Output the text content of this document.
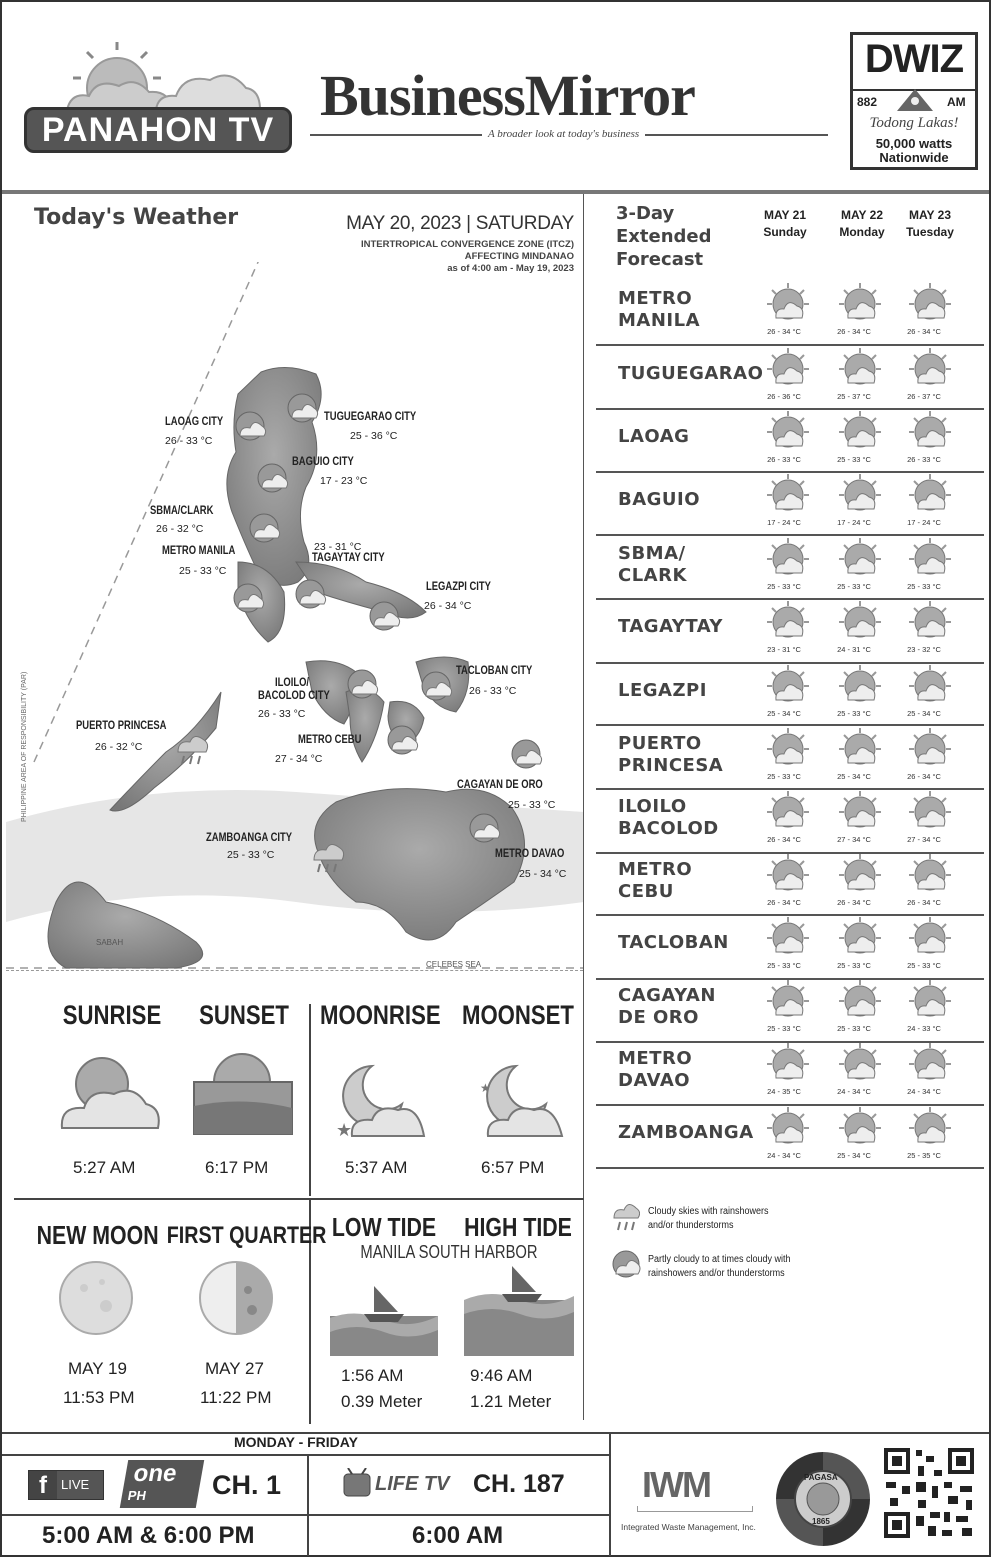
PANAHON TV
BusinessMirror
A broader look at today's business
DWIZ
882	AM
Todong Lakas!
50,000 watts
Nationwide
Today's Weather	MAY 20, 2023 | SATURDAY
INTERTROPICAL CONVERGENCE ZONE (ITCZ)
AFFECTING MINDANAO
as of 4:00 am - May 19, 2023
PHILIPPINE AREA OF RESPONSIBILITY (PAR)
SABAH
CELEBES SEA
LAOAG CITY
26 - 33 °C
TUGUEGARAO CITY
25 - 36 °C
BAGUIO CITY
17 - 23 °C
SBMA/CLARK
26 - 32 °C
METRO MANILA
25 - 33 °C
23 - 31 °C
TAGAYTAY CITY
LEGAZPI CITY
26 - 34 °C
TACLOBAN CITY
26 - 33 °C
ILOILO/
BACOLOD CITY
26 - 33 °C
PUERTO PRINCESA
26 - 32 °C
METRO CEBU
27 - 34 °C
CAGAYAN DE ORO
25 - 33 °C
ZAMBOANGA CITY
25 - 33 °C	METRO DAVAO
25 - 34 °C
3-Day
Extended
Forecast
MAY 21
Sunday
MAY 22
Monday
MAY 23
Tuesday
METRO
MANILA
26 - 34 °C	26 - 34 °C	26 - 34 °C
TUGUEGARAO
26 - 36 °C	25 - 37 °C	26 - 37 °C
LAOAG
26 - 33 °C	25 - 33 °C	26 - 33 °C
BAGUIO
17 - 24 °C	17 - 24 °C	17 - 24 °C
SBMA/
CLARK
25 - 33 °C	25 - 33 °C	25 - 33 °C
TAGAYTAY
23 - 31 °C	24 - 31 °C	23 - 32 °C
LEGAZPI
25 - 34 °C	25 - 33 °C	25 - 34 °C
PUERTO
PRINCESA
25 - 33 °C	25 - 34 °C	26 - 34 °C
ILOILO
BACOLOD
26 - 34 °C	27 - 34 °C	27 - 34 °C
METRO
CEBU
26 - 34 °C	26 - 34 °C	26 - 34 °C
TACLOBAN
25 - 33 °C	25 - 33 °C	25 - 33 °C
CAGAYAN
DE ORO
25 - 33 °C	25 - 33 °C	24 - 33 °C
METRO
DAVAO
24 - 35 °C	24 - 34 °C	24 - 34 °C
ZAMBOANGA
24 - 34 °C	25 - 34 °C	25 - 35 °C
Cloudy skies with rainshowers
and/or thunderstorms
Partly cloudy to at times cloudy with
rainshowers and/or thunderstorms
SUNRISE	SUNSET	MOONRISE MOONSET
★
★
5:27 AM	6:17 PM	5:37 AM	6:57 PM
NEW MOON FIRST QUARTER
MAY 19
11:53 PM
MAY 27
11:22 PM
LOW TIDE HIGH TIDE
MANILA SOUTH HARBOR
1:56 AM
0.39 Meter
9:46 AM
1.21 Meter
MONDAY - FRIDAY
f	LIVE one
PH CH. 1	LIFE TV CH. 187
5:00 AM & 6:00 PM	6:00 AM
IWM
Integrated Waste Management, Inc.
PAGASA
1865
